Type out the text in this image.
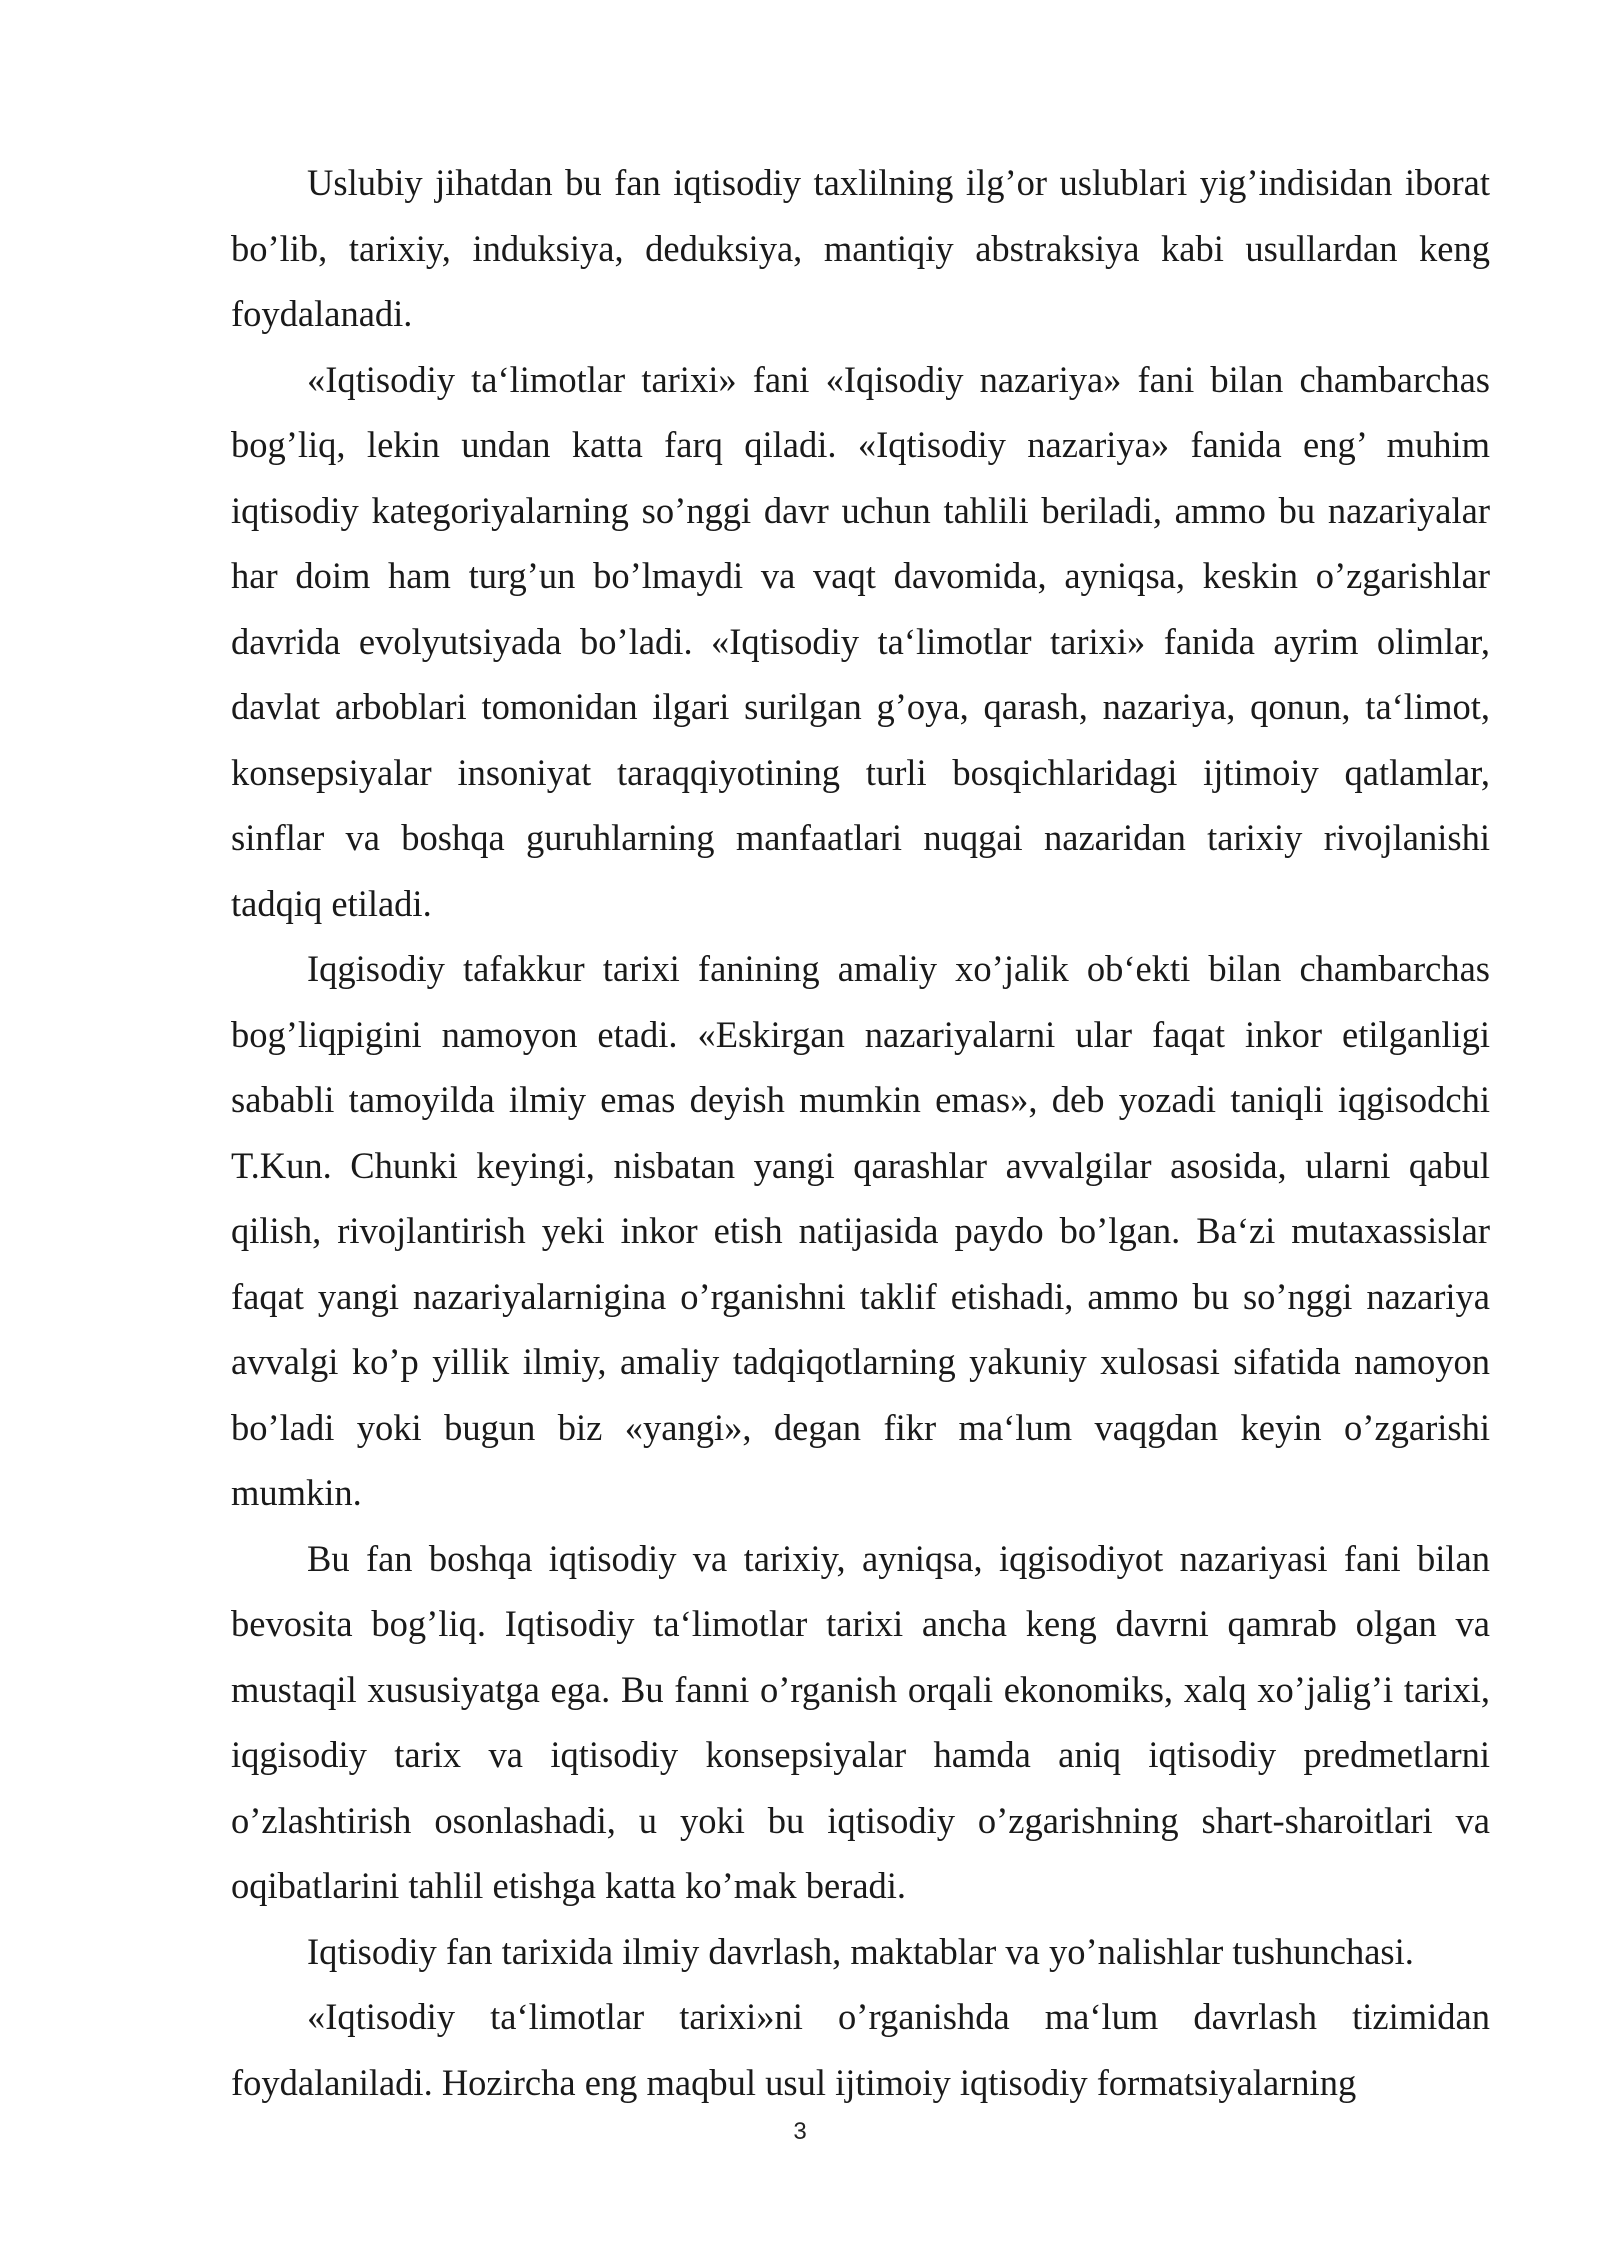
Uslubiy jihatdan bu fan iqtisodiy taxlilning ilg’or uslublari yig’indisidan iborat bo’lib, tarixiy, induksiya, deduksiya, mantiqiy abstraksiya kabi usullardan keng foydalanadi.

«Iqtisodiy ta‘limotlar tarixi» fani «Iqisodiy nazariya» fani bilan chambarchas bog’liq, lekin undan katta farq qiladi. «Iqtisodiy nazariya» fanida eng’ muhim iqtisodiy kategoriyalarning so’nggi davr uchun tahlili beriladi, ammo bu nazariyalar har doim ham turg’un bo’lmaydi va vaqt davomida, ayniqsa, keskin o’zgarishlar davrida evolyutsiyada bo’ladi. «Iqtisodiy ta‘limotlar tarixi» fanida ayrim olimlar, davlat arboblari tomonidan ilgari surilgan g’oya, qarash, nazariya, qonun, ta‘limot, konsepsiyalar insoniyat taraqqiyotining turli bosqichlaridagi ijtimoiy qatlamlar, sinflar va boshqa guruhlarning manfaatlari nuqgai nazaridan tarixiy rivojlanishi tadqiq etiladi.

Iqgisodiy tafakkur tarixi fanining amaliy xo’jalik ob‘ekti bilan chambarchas bog’liqpigini namoyon etadi. «Eskirgan nazariyalarni ular faqat inkor etilganligi sababli tamoyilda ilmiy emas deyish mumkin emas», deb yozadi taniqli iqgisodchi T.Kun. Chunki keyingi, nisbatan yangi qarashlar avvalgilar asosida, ularni qabul qilish, rivojlantirish yeki inkor etish natijasida paydo bo’lgan. Ba‘zi mutaxassislar faqat yangi nazariyalarnigina o’rganishni taklif etishadi, ammo bu so’nggi nazariya avvalgi ko’p yillik ilmiy, amaliy tadqiqotlarning yakuniy xulosasi sifatida namoyon bo’ladi yoki bugun biz «yangi», degan fikr ma‘lum vaqgdan keyin o’zgarishi mumkin.

Bu fan boshqa iqtisodiy va tarixiy, ayniqsa, iqgisodiyot nazariyasi fani bilan bevosita bog’liq. Iqtisodiy ta‘limotlar tarixi ancha keng davrni qamrab olgan va mustaqil xususiyatga ega. Bu fanni o’rganish orqali ekonomiks, xalq xo’jalig’i tarixi, iqgisodiy tarix va iqtisodiy konsepsiyalar hamda aniq iqtisodiy predmetlarni o’zlashtirish osonlashadi, u yoki bu iqtisodiy o’zgarishning shart-sharoitlari va oqibatlarini tahlil etishga katta ko’mak beradi.

Iqtisodiy fan tarixida ilmiy davrlash, maktablar va yo’nalishlar tushunchasi.

«Iqtisodiy ta‘limotlar tarixi»ni o’rganishda ma‘lum davrlash tizimidan foydalaniladi. Hozircha eng maqbul usul ijtimoiy iqtisodiy formatsiyalarning

3
